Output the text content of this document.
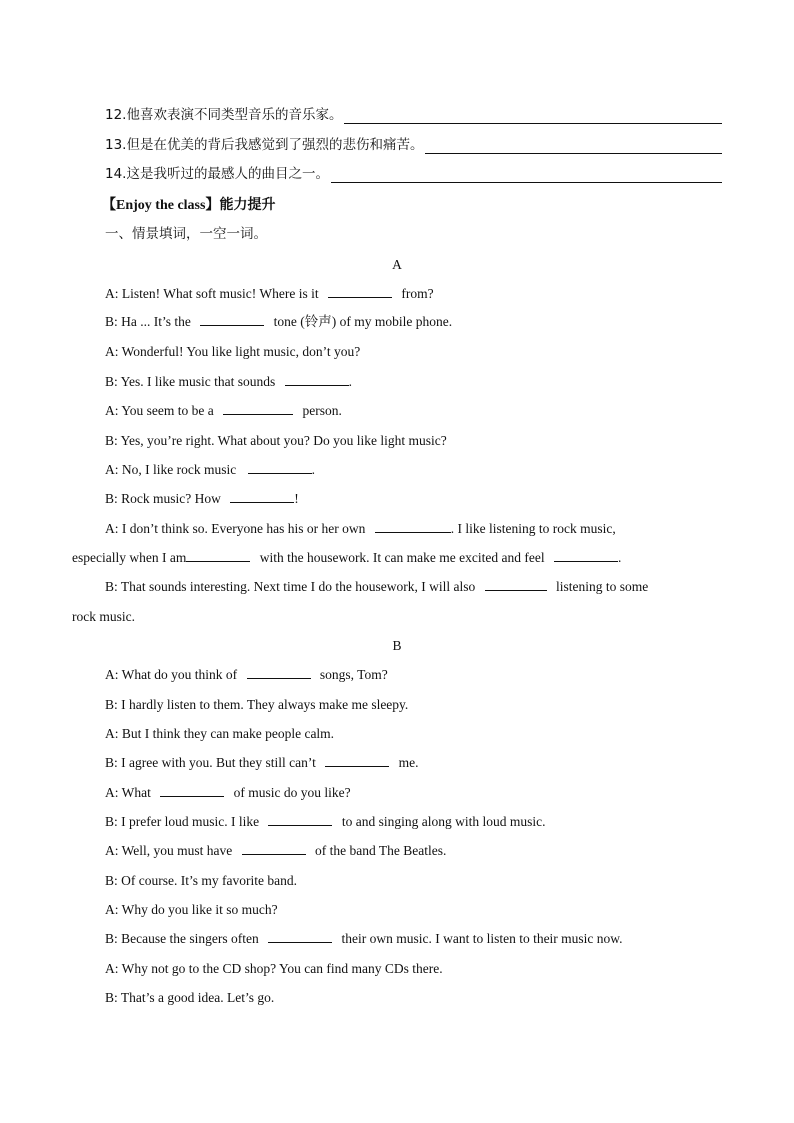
12.他喜欢表演不同类型音乐的音乐家。
13.但是在优美的背后我感觉到了强烈的悲伤和痛苦。
14.这是我听过的最感人的曲目之一。
【Enjoy the class】能力提升
一、情景填词，一空一词。
A
A: Listen! What soft music! Where is it	from?
B: Ha ... It’s the	tone (铃声) of my mobile phone.
A: Wonderful! You like light music, don’t you?
B: Yes. I like music that sounds	.
A: You seem to be a	person.
B: Yes, you’re right. What about you? Do you like light music?
A: No, I like rock music	.
B: Rock music? How	!
A: I don’t think so. Everyone has his or her own	. I like listening to rock music,
especially when I am	with the housework. It can make me excited and feel	.
B: That sounds interesting. Next time I do the housework, I will also	listening to some
rock music.
B
A: What do you think of	songs, Tom?
B: I hardly listen to them. They always make me sleepy.
A: But I think they can make people calm.
B: I agree with you. But they still can’t	me.
A: What	of music do you like?
B: I prefer loud music. I like	to and singing along with loud music.
A: Well, you must have	of the band The Beatles.
B: Of course. It’s my favorite band.
A: Why do you like it so much?
B: Because the singers often	their own music. I want to listen to their music now.
A: Why not go to the CD shop? You can find many CDs there.
B: That’s a good idea. Let’s go.
